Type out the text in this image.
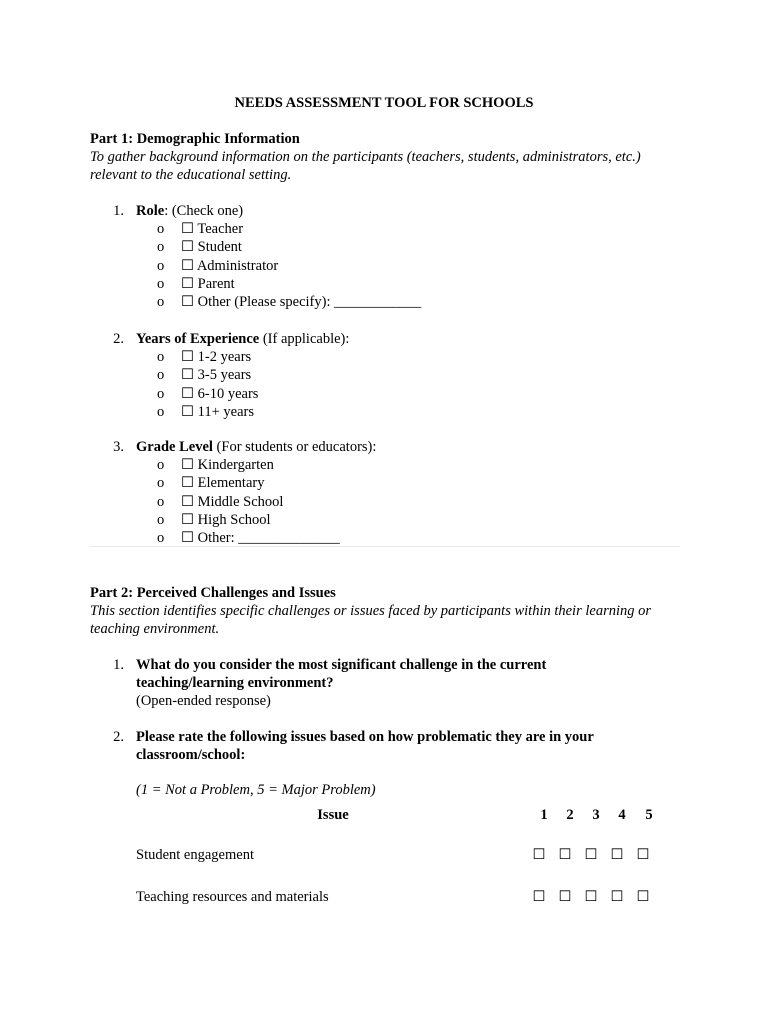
NEEDS ASSESSMENT TOOL FOR SCHOOLS
Part 1: Demographic Information
To gather background information on the participants (teachers, students, administrators, etc.) relevant to the educational setting.
1. Role: (Check one)
o ☐ Teacher
o ☐ Student
o ☐ Administrator
o ☐ Parent
o ☐ Other (Please specify): ____________
2. Years of Experience (If applicable):
o ☐ 1-2 years
o ☐ 3-5 years
o ☐ 6-10 years
o ☐ 11+ years
3. Grade Level (For students or educators):
o ☐ Kindergarten
o ☐ Elementary
o ☐ Middle School
o ☐ High School
o ☐ Other: ______________
Part 2: Perceived Challenges and Issues
This section identifies specific challenges or issues faced by participants within their learning or teaching environment.
1. What do you consider the most significant challenge in the current
teaching/learning environment?
(Open-ended response)
2. Please rate the following issues based on how problematic they are in your
classroom/school:
(1 = Not a Problem, 5 = Major Problem)
Issue	1	2	3	4	5
Student engagement	☐ ☐ ☐ ☐ ☐
Teaching resources and materials	☐ ☐ ☐ ☐ ☐
